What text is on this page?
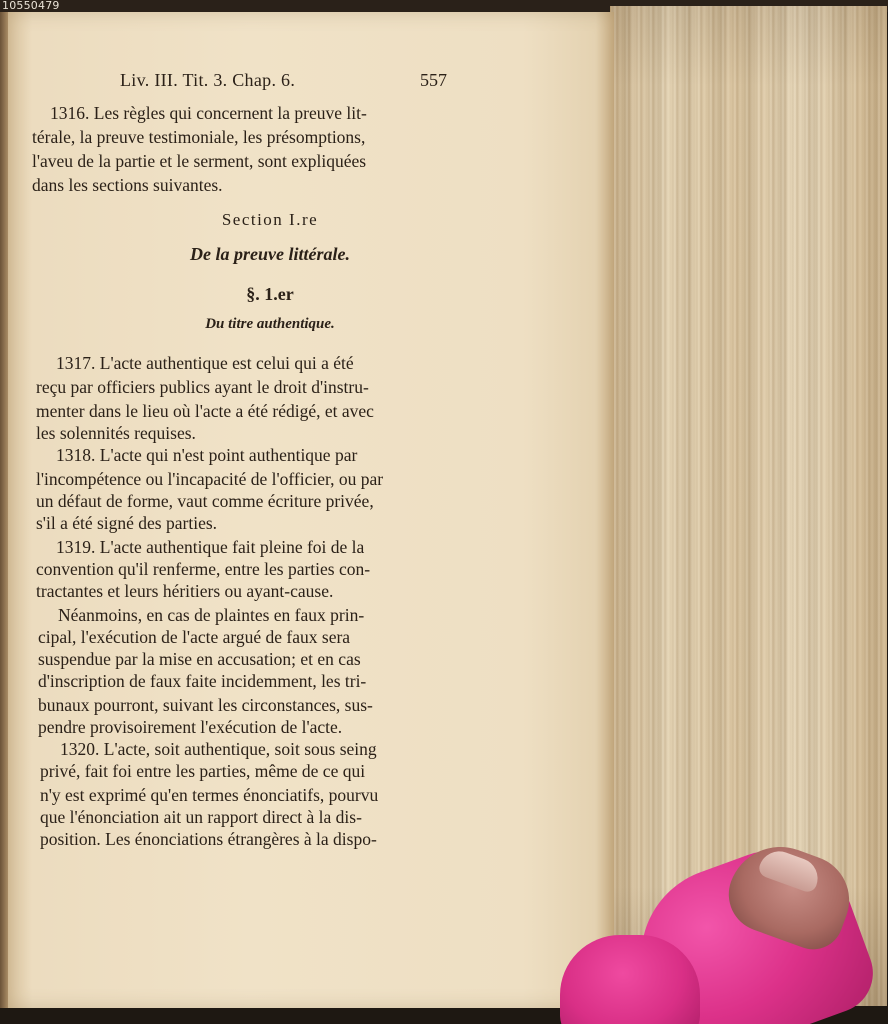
10550479
Liv. III. Tit. 3. Chap. 6.	557
1316. Les règles qui concernent la preuve lit-
térale, la preuve testimoniale, les présomptions,
l'aveu de la partie et le serment, sont expliquées
dans les sections suivantes.
Section I.re
De la preuve littérale.
§. 1.er
Du titre authentique.
1317. L'acte authentique est celui qui a été
reçu par officiers publics ayant le droit d'instru-
menter dans le lieu où l'acte a été rédigé, et avec
les solennités requises.
1318. L'acte qui n'est point authentique par
l'incompétence ou l'incapacité de l'officier, ou par
un défaut de forme, vaut comme écriture privée,
s'il a été signé des parties.
1319. L'acte authentique fait pleine foi de la
convention qu'il renferme, entre les parties con-
tractantes et leurs héritiers ou ayant-cause.
Néanmoins, en cas de plaintes en faux prin-
cipal, l'exécution de l'acte argué de faux sera
suspendue par la mise en accusation; et en cas
d'inscription de faux faite incidemment, les tri-
bunaux pourront, suivant les circonstances, sus-
pendre provisoirement l'exécution de l'acte.
1320. L'acte, soit authentique, soit sous seing
privé, fait foi entre les parties, même de ce qui
n'y est exprimé qu'en termes énonciatifs, pourvu
que l'énonciation ait un rapport direct à la dis-
position. Les énonciations étrangères à la dispo-
